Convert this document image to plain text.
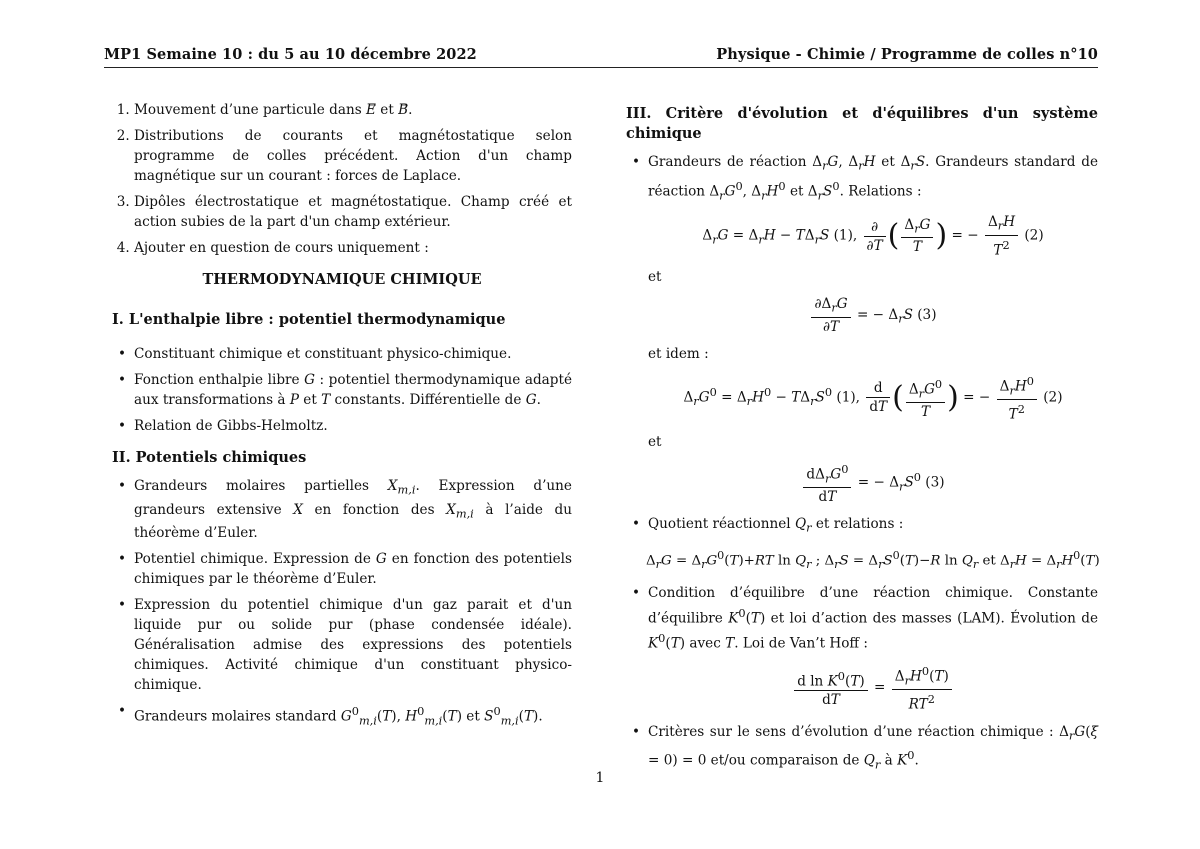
MP1 Semaine 10 : du 5 au 10 décembre 2022	Physique - Chimie / Programme de colles n°10
1. Mouvement d’une particule dans E⃗ et B⃗.
2. Distributions de courants et magnétostatique selon programme de colles précédent. Action d'un champ magnétique sur un courant : forces de Laplace.
3. Dipôles électrostatique et magnétostatique. Champ créé et action subies de la part d'un champ extérieur.
4. Ajouter en question de cours uniquement :
THERMODYNAMIQUE CHIMIQUE
I. L'enthalpie libre : potentiel thermodynamique
• Constituant chimique et constituant physico-chimique.
• Fonction enthalpie libre G : potentiel thermodynamique adapté aux transformations à P et T constants. Différentielle de G.
• Relation de Gibbs-Helmoltz.
II. Potentiels chimiques
• Grandeurs molaires partielles $X_{m,i}$. Expression d’une grandeurs extensive X en fonction des $X_{m,i}$ à l’aide du théorème d’Euler.
• Potentiel chimique. Expression de G en fonction des potentiels chimiques par le théorème d’Euler.
• Expression du potentiel chimique d'un gaz parait et d'un liquide pur ou solide pur (phase condensée idéale). Généralisation admise des expressions des potentiels chimiques. Activité chimique d'un constituant physico-chimique.
• Grandeurs molaires standard $G^0_{m,i}(T)$, $H^0_{m,i}(T)$ et $S^0_{m,i}(T)$.
III. Critère d'évolution et d'équilibres d'un système chimique
• Grandeurs de réaction $\Delta_rG$, $\Delta_rH$ et $\Delta_rS$. Grandeurs standard de réaction $\Delta_rG^0$, $\Delta_rH^0$ et $\Delta_rS^0$. Relations :
$\Delta_rG = \Delta_rH - T\Delta_rS$ (1), $\frac{\partial}{\partial T}$ ( $\frac{\Delta_rG}{T}$ ) = − $\frac{\Delta_rH}{T^2} (2)$
et
$\frac{\partial\Delta_rG}{\partial T}$ = − $\Delta_rS$ (3)
et idem :
$\Delta_rG^0 = \Delta_rH^0 - T\Delta_rS^0$ (1), $\frac{d}{dT}$ ( $\frac{\Delta_rG^0}{T}$ ) = − $\frac{\Delta_rH^0}{T^2} (2)$
et
$\frac{d\Delta_rG^0}{dT}$ = − $\Delta_rS^0$ (3)
• Quotient réactionnel $Q_r$ et relations :
$\Delta_rG = \Delta_rG^0(T)+RT$ $\ln Q_r$ ; $\Delta_rS = \Delta_rS^0(T)-R$ $\ln Q_r$ et $\Delta_rH = \Delta_rH^0(T)$
• Condition d’équilibre d’une réaction chimique. Constante d’équilibre $K^0(T)$ et loi d’action des masses (LAM). Évolution de $K^0(T)$ avec T. Loi de Van’t Hoff :
$\frac{d \ln K^0(T)}{dT} = \frac{\Delta_rH^0(T)}{RT^2}$
• Critères sur le sens d’évolution d’une réaction chimique : $\Delta_rG(\xi = 0) = 0$ et/ou comparaison de $Q_r$ à $K^0$.
1
